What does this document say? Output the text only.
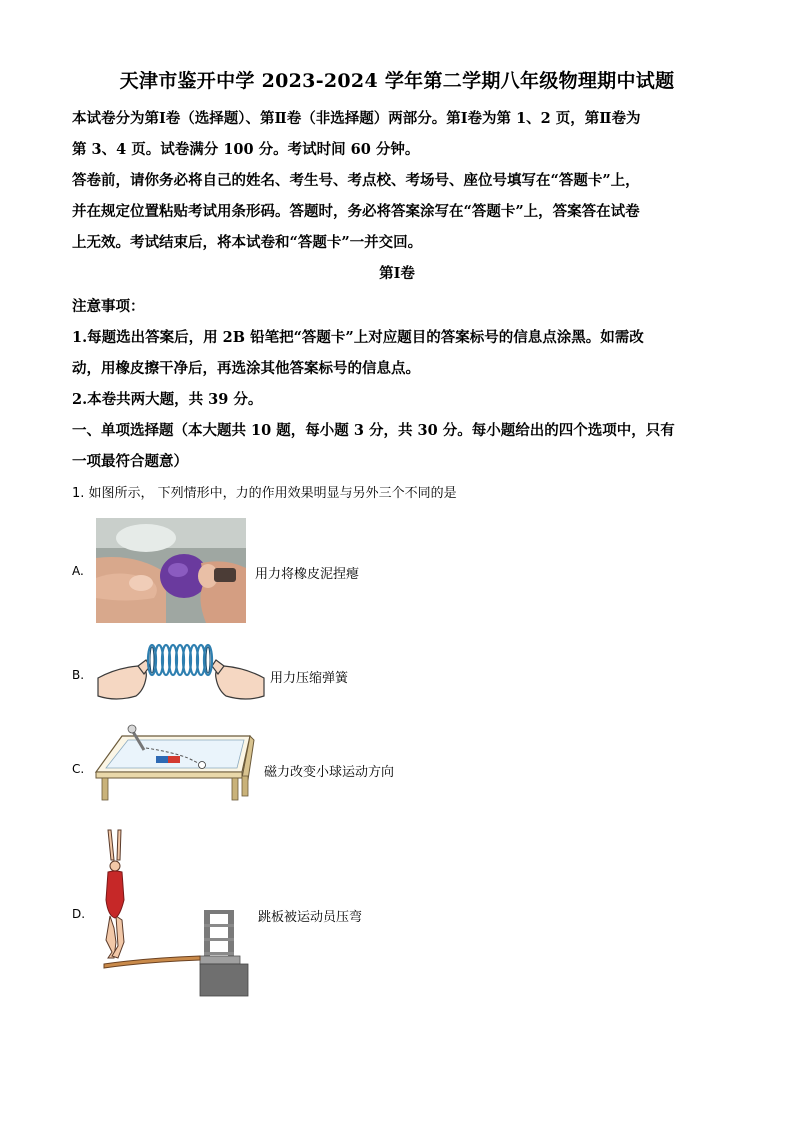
天津市鉴开中学 2023-2024 学年第二学期八年级物理期中试题
本试卷分为第Ⅰ卷（选择题）、第Ⅱ卷（非选择题）两部分。第Ⅰ卷为第 1、2 页，第Ⅱ卷为
第 3、4 页。试卷满分 100 分。考试时间 60 分钟。
答卷前，请你务必将自己的姓名、考生号、考点校、考场号、座位号填写在“答题卡”上，
并在规定位置粘贴考试用条形码。答题时，务必将答案涂写在“答题卡”上，答案答在试卷
上无效。考试结束后，将本试卷和“答题卡”一并交回。
第Ⅰ卷
注意事项：
1.每题选出答案后，用 2B 铅笔把“答题卡”上对应题目的答案标号的信息点涂黑。如需改
动，用橡皮擦干净后，再选涂其他答案标号的信息点。
2.本卷共两大题，共 39 分。
一、单项选择题（本大题共 10 题，每小题 3 分，共 30 分。每小题给出的四个选项中，只有
一项最符合题意）
1. 如图所示， 下列情形中，力的作用效果明显与另外三个不同的是
A.	用力将橡皮泥捏瘪
B.	用力压缩弹簧
C.	磁力改变小球运动方向
D.	跳板被运动员压弯
